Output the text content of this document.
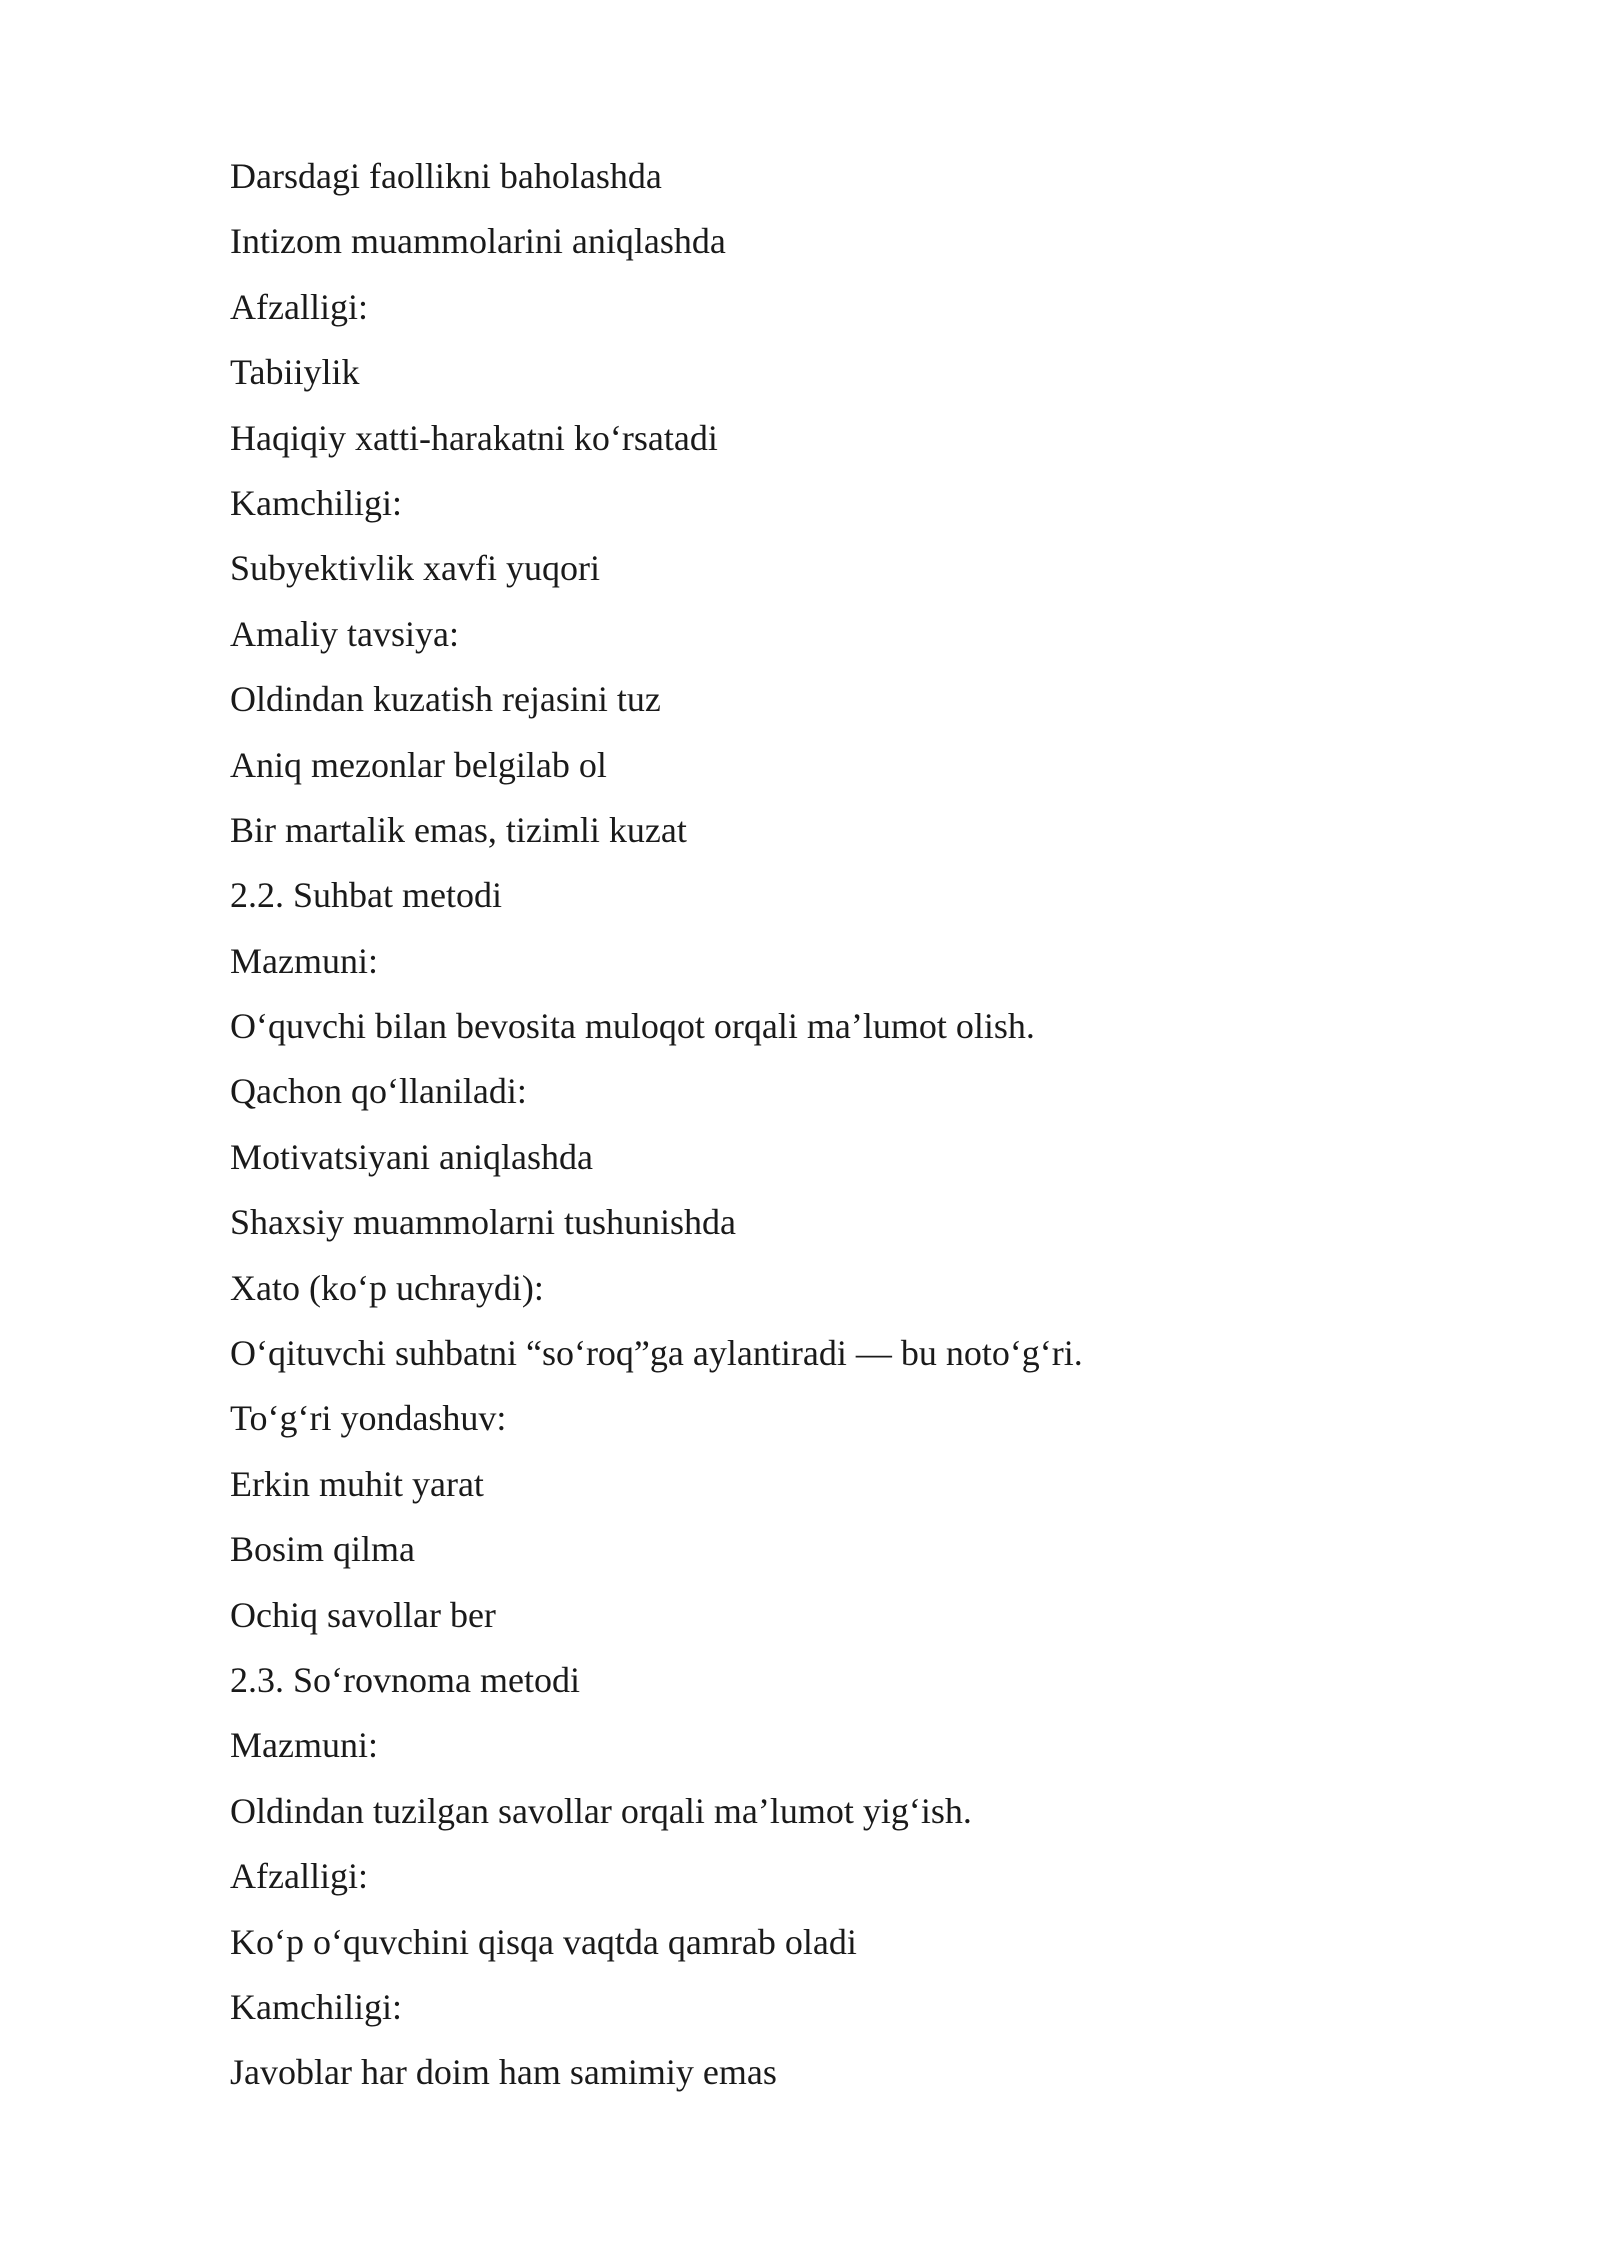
Darsdagi faollikni baholashda
Intizom muammolarini aniqlashda
Afzalligi:
Tabiiylik
Haqiqiy xatti-harakatni ko‘rsatadi
Kamchiligi:
Subyektivlik xavfi yuqori
Amaliy tavsiya:
Oldindan kuzatish rejasini tuz
Aniq mezonlar belgilab ol
Bir martalik emas, tizimli kuzat
2.2. Suhbat metodi
Mazmuni:
O‘quvchi bilan bevosita muloqot orqali ma’lumot olish.
Qachon qo‘llaniladi:
Motivatsiyani aniqlashda
Shaxsiy muammolarni tushunishda
Xato (ko‘p uchraydi):
O‘qituvchi suhbatni “so‘roq”ga aylantiradi — bu noto‘g‘ri.
To‘g‘ri yondashuv:
Erkin muhit yarat
Bosim qilma
Ochiq savollar ber
2.3. So‘rovnoma metodi
Mazmuni:
Oldindan tuzilgan savollar orqali ma’lumot yig‘ish.
Afzalligi:
Ko‘p o‘quvchini qisqa vaqtda qamrab oladi
Kamchiligi:
Javoblar har doim ham samimiy emas
